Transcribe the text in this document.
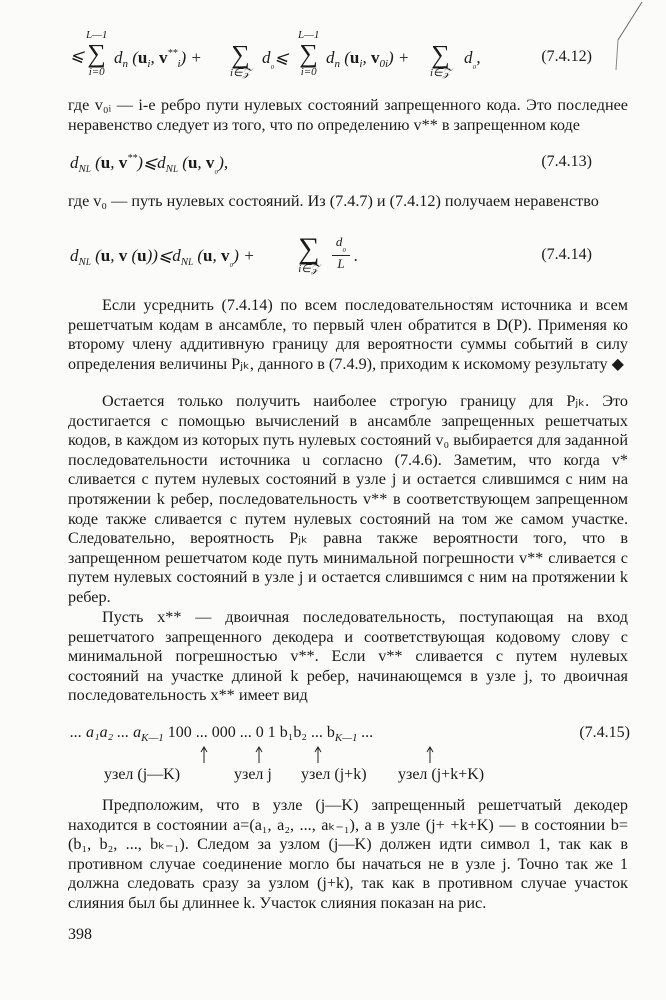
⩽
L—1
∑
i=0
$d_n$ ($u_i$, $v^{**}_i$) + ∑
i∈𝒵
$d_{_0}⩽$
L—1
∑
i=0
$d_n$ ($u_i$, $v_{0i}$) + ∑
i∈𝒵
$d_{_0}$,	(7.4.12)

где v₀ᵢ — i-е ребро пути нулевых состояний запрещенного кода. Это последнее неравенство следует из того, что по определению v** в запрещенном коде

$d_{NL}$ (u, $v^{**})⩽d_{NL}$ (u, $v_{_0}$),	(7.4.13)

где v₀ — путь нулевых состояний. Из (7.4.7) и (7.4.12) получаем неравенство

$d_{NL}$ (u, v $(u))⩽d_{NL}$ (u, $v_{_0}$) + ∑
i∈𝒵
$d_{_0}$

L .	(7.4.14)

Если усреднить (7.4.14) по всем последовательностям источника и всем решетчатым кодам в ансамбле, то первый член обратится в D(P). Применяя ко второму члену аддитивную границу для вероятности суммы событий в силу определения величины Pⱼₖ, данного в (7.4.9), приходим к искомому результату ◆

Остается только получить наиболее строгую границу для Pⱼₖ. Это достигается с помощью вычислений в ансамбле запрещенных решетчатых кодов, в каждом из которых путь нулевых состояний v₀ выбирается для заданной последовательности источника u согласно (7.4.6). Заметим, что когда v* сливается с путем нулевых состояний в узле j и остается слившимся с ним на протяжении k ребер, последовательность v** в соответствующем запрещенном коде также сливается с путем нулевых состояний на том же самом участке. Следовательно, вероятность Pⱼₖ равна также вероятности того, что в запрещенном решетчатом коде путь минимальной погрешности v** сливается с путем нулевых состояний в узле j и остается слившимся с ним на протяжении k ребер.

Пусть x** — двоичная последовательность, поступающая на вход решетчатого запрещенного декодера и соответствующая кодовому слову с минимальной погрешностью v**. Если v** сливается с путем нулевых состояний на участке длиной k ребер, начинающемся в узле j, то двоичная последовательность x** имеет вид

... a₁a₂ ... $a_{K—1}$ 100 ... 000 ... 0 1 b₁b₂ ... $b_{K—1}$ ...
узел (j—K)	узел j узел (j+k) узел (j+k+K)
(7.4.15)

Предположим, что в узле (j—K) запрещенный решетчатый декодер находится в состоянии a=(a₁, a₂, ..., aₖ₋₁), а в узле (j+ +k+K) — в состоянии b=(b₁, b₂, ..., bₖ₋₁). Следом за узлом (j—K) должен идти символ 1, так как в противном случае соединение могло бы начаться не в узле j. Точно так же 1 должна следовать сразу за узлом (j+k), так как в противном случае участок слияния был бы длиннее k. Участок слияния показан на рис.

398
